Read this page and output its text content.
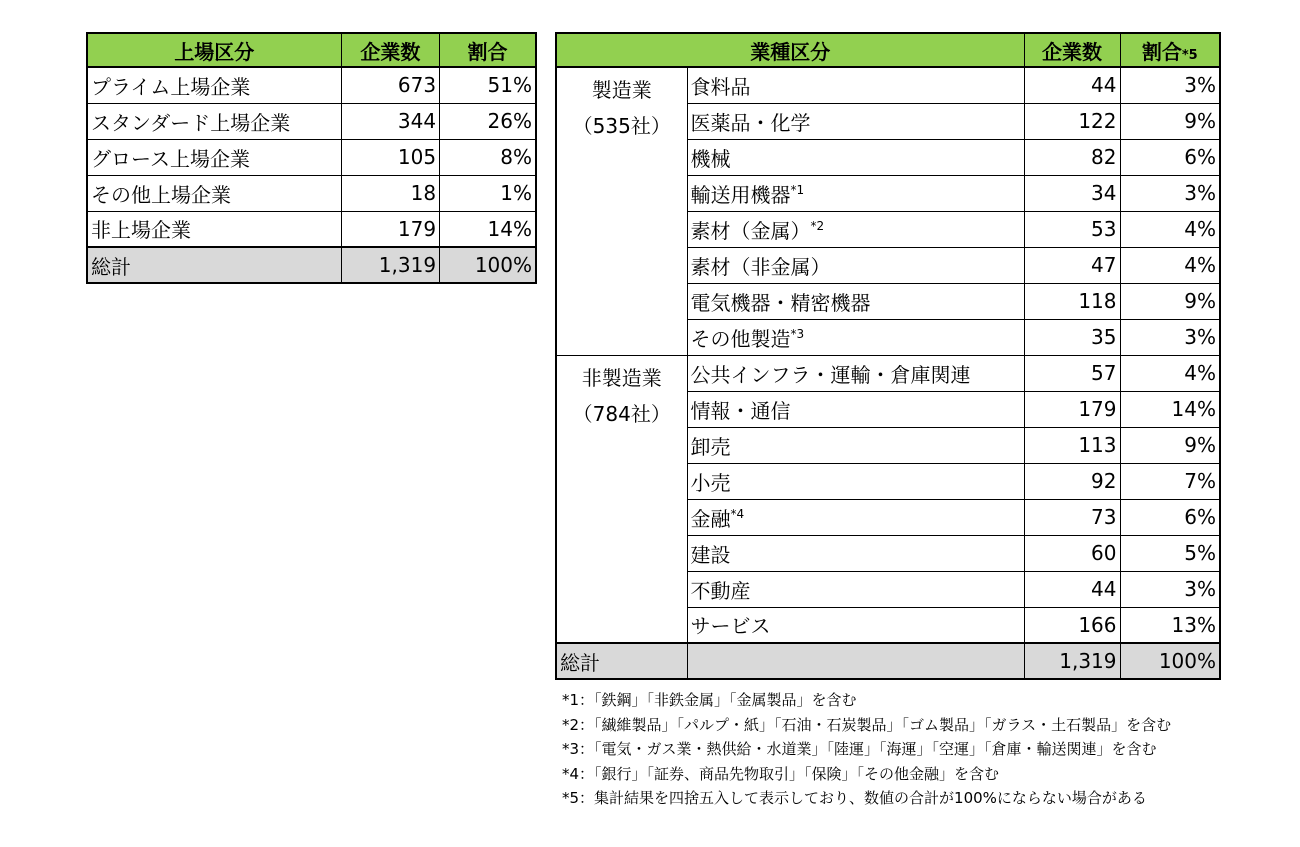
上場区分	企業数	割合
プライム上場企業	673	51%
スタンダード上場企業	344	26%
グロース上場企業	105	8%
その他上場企業	18	1%
非上場企業	179	14%
総計	1,319	100%
業種区分		企業数	割合*5

製造業
（535社）	食料品	44	3%
	医薬品・化学	122	9%
	機械	82	6%
	輸送用機器$^{*1}$	34	3%
	素材（金属）$^{*2}$	53	4%
	素材（非金属）	47	4%
	電気機器・精密機器	118	9%
	その他製造$^{*3}$	35	3%

非製造業
（784社）	公共インフラ・運輸・倉庫関連	57	4%
	情報・通信	179	14%
	卸売	113	9%
	小売	92	7%
	金融$^{*4}$	73	6%
	建設	60	5%
	不動産	44	3%
	サービス	166	13%
総計		1,319	100%
*1：「鉄鋼」「非鉄金属」「金属製品」を含む
*2：「繊維製品」「パルプ・紙」「石油・石炭製品」「ゴム製品」「ガラス・土石製品」を含む
*3：「電気・ガス業・熱供給・水道業」「陸運」「海運」「空運」「倉庫・輸送関連」を含む
*4：「銀行」「証券、商品先物取引」「保険」「その他金融」を含む
*5：集計結果を四捨五入して表示しており、数値の合計が100%にならない場合がある
